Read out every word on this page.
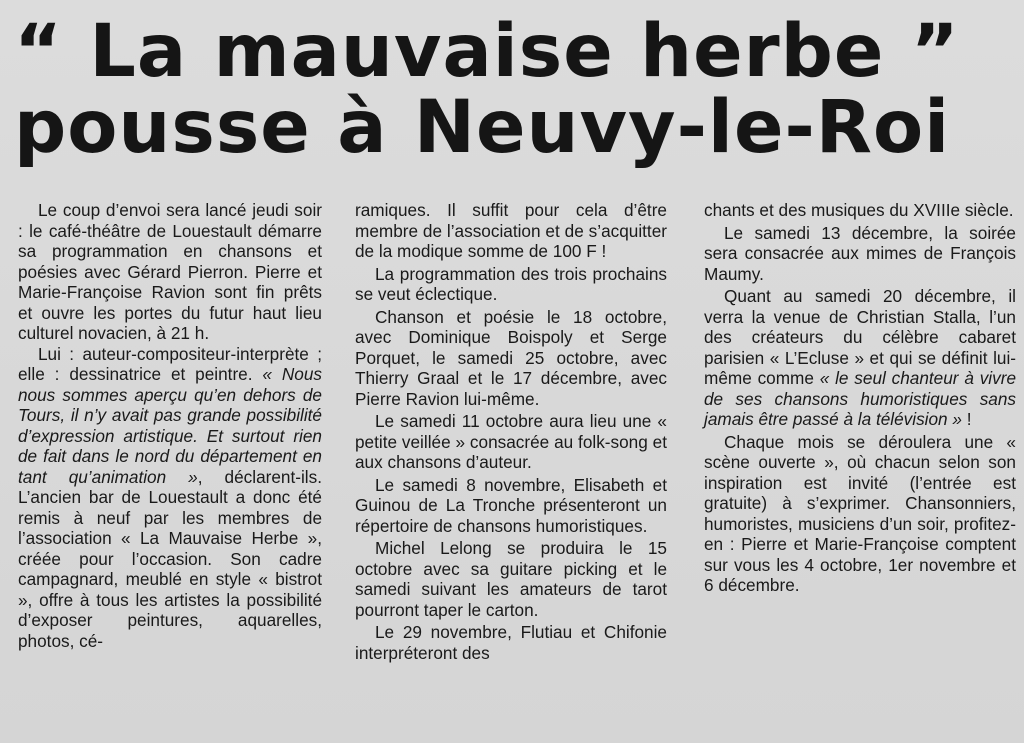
“ La mauvaise herbe ”
pousse à Neuvy-le-Roi

Le coup d’envoi sera lancé jeudi soir : le café-théâtre de Louestault démarre sa programmation en chansons et poésies avec Gérard Pierron. Pierre et Marie-Françoise Ravion sont fin prêts et ouvre les portes du futur haut lieu culturel novacien, à 21 h.

Lui : auteur-compositeur-interprète ; elle : dessinatrice et peintre. « Nous nous sommes aperçu qu’en dehors de Tours, il n’y avait pas grande possibilité d’expression artistique. Et surtout rien de fait dans le nord du département en tant qu’animation », déclarent-ils. L’ancien bar de Louestault a donc été remis à neuf par les membres de l’association « La Mauvaise Herbe », créée pour l’occasion. Son cadre campagnard, meublé en style « bistrot », offre à tous les artistes la possibilité d’exposer peintures, aquarelles, photos, cé-

ramiques. Il suffit pour cela d’être membre de l’association et de s’acquitter de la modique somme de 100 F !

La programmation des trois prochains se veut éclectique.

Chanson et poésie le 18 octobre, avec Dominique Boispoly et Serge Porquet, le samedi 25 octobre, avec Thierry Graal et le 17 décembre, avec Pierre Ravion lui-même.

Le samedi 11 octobre aura lieu une « petite veillée » consacrée au folk-song et aux chansons d’auteur.

Le samedi 8 novembre, Elisabeth et Guinou de La Tronche présenteront un répertoire de chansons humoristiques.

Michel Lelong se produira le 15 octobre avec sa guitare picking et le samedi suivant les amateurs de tarot pourront taper le carton.

Le 29 novembre, Flutiau et Chifonie interpréteront des

chants et des musiques du XVIIIe siècle.

Le samedi 13 décembre, la soirée sera consacrée aux mimes de François Maumy.

Quant au samedi 20 décembre, il verra la venue de Christian Stalla, l’un des créateurs du célèbre cabaret parisien « L’Ecluse » et qui se définit lui-même comme « le seul chanteur à vivre de ses chansons humoristiques sans jamais être passé à la télévision » !

Chaque mois se déroulera une « scène ouverte », où chacun selon son inspiration est invité (l’entrée est gratuite) à s’exprimer. Chansonniers, humoristes, musiciens d’un soir, profitez-en : Pierre et Marie-Françoise comptent sur vous les 4 octobre, 1er novembre et 6 décembre.
